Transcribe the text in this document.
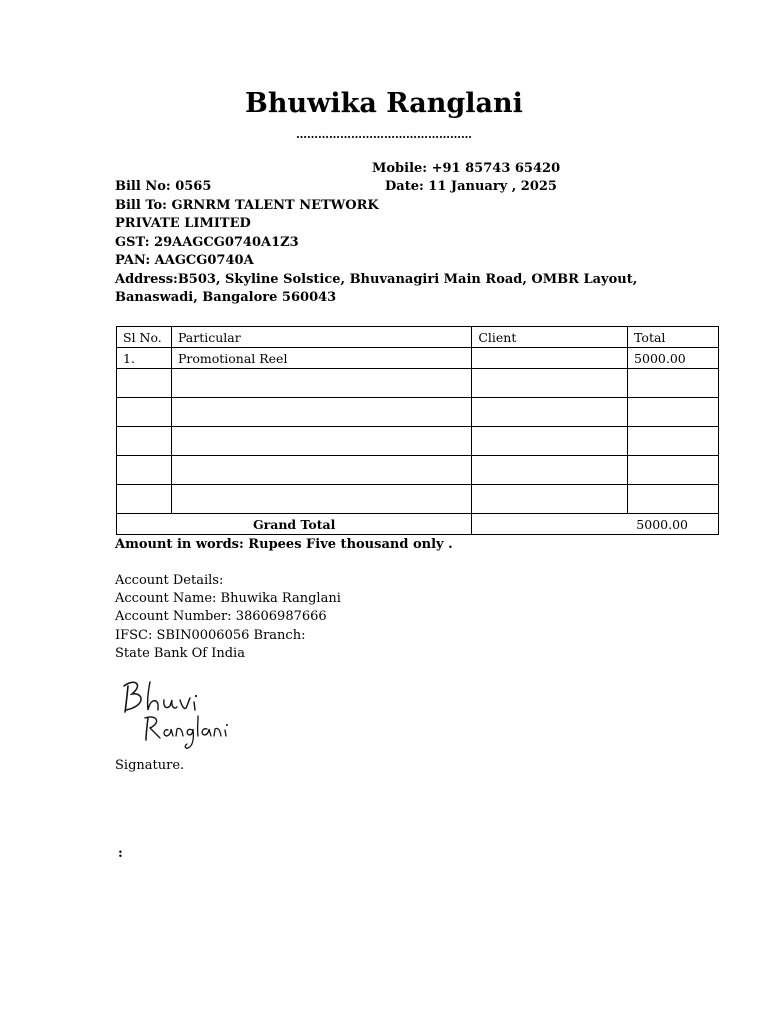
Bhuwika Ranglani
…………………………………………
Mobile: +91 85743 65420
Bill No: 0565	Date: 11 January , 2025
Bill To: GRNRM TALENT NETWORK
PRIVATE LIMITED
GST: 29AAGCG0740A1Z3
PAN: AAGCG0740A
Address:B503, Skyline Solstice, Bhuvanagiri Main Road, OMBR Layout,
Banaswadi, Bangalore 560043
Sl No.	Particular	Client	Total
1.	Promotional Reel		5000.00

Grand Total		5000.00	
Amount in words: Rupees Five thousand only .
Account Details:
Account Name: Bhuwika Ranglani
Account Number: 38606987666
IFSC: SBIN0006056 Branch:
State Bank Of India
Signature.
:
